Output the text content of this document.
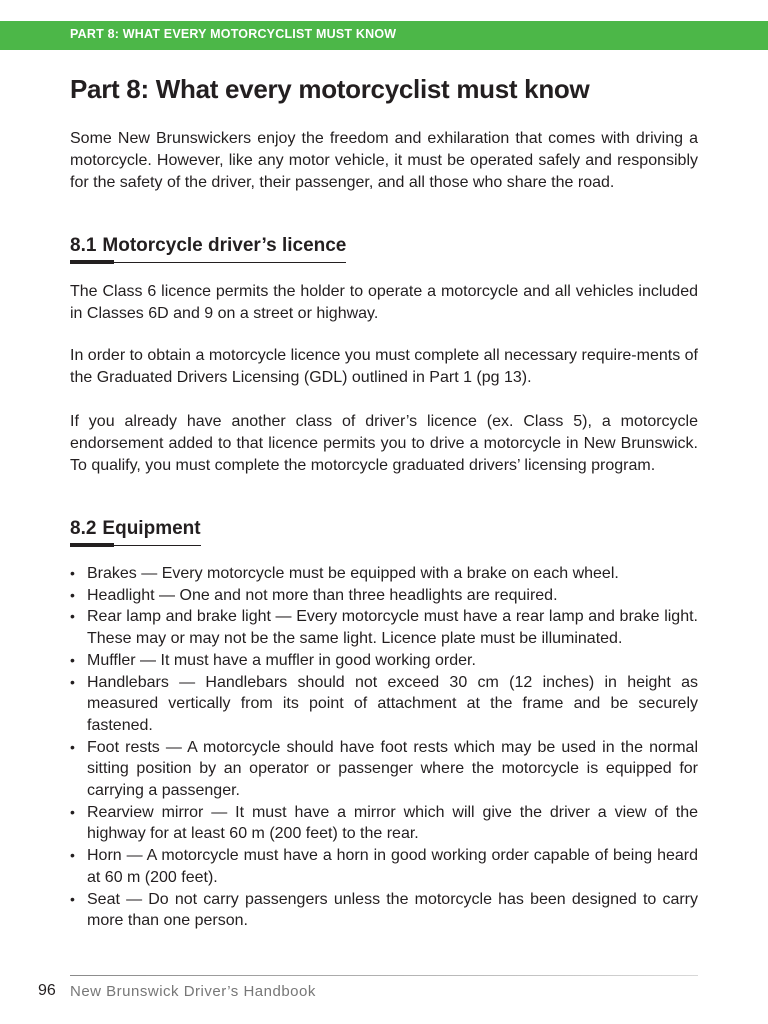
PART 8: WHAT EVERY MOTORCYCLIST MUST KNOW
Part 8: What every motorcyclist must know

Some New Brunswickers enjoy the freedom and exhilaration that comes with driving a motorcycle. However, like any motor vehicle, it must be operated safely and responsibly for the safety of the driver, their passenger, and all those who share the road.

8.1 Motorcycle driver’s licence

The Class 6 licence permits the holder to operate a motorcycle and all vehicles included in Classes 6D and 9 on a street or highway.

In order to obtain a motorcycle licence you must complete all necessary require-ments of the Graduated Drivers Licensing (GDL) outlined in Part 1 (pg 13).

If you already have another class of driver’s licence (ex. Class 5), a motorcycle endorsement added to that licence permits you to drive a motorcycle in New Brunswick. To qualify, you must complete the motorcycle graduated drivers’ licensing program.

8.2 Equipment
• Brakes — Every motorcycle must be equipped with a brake on each wheel.
• Headlight — One and not more than three headlights are required.
• Rear lamp and brake light — Every motorcycle must have a rear lamp and brake light. These may or may not be the same light. Licence plate must be illuminated.
• Muffler — It must have a muffler in good working order.
• Handlebars — Handlebars should not exceed 30 cm (12 inches) in height as measured vertically from its point of attachment at the frame and be securely fastened.
• Foot rests — A motorcycle should have foot rests which may be used in the normal sitting position by an operator or passenger where the motorcycle is equipped for carrying a passenger.
• Rearview mirror — It must have a mirror which will give the driver a view of the highway for at least 60 m (200 feet) to the rear.
• Horn — A motorcycle must have a horn in good working order capable of being heard at 60 m (200 feet).
• Seat — Do not carry passengers unless the motorcycle has been designed to carry more than one person.
96 New Brunswick Driver’s Handbook
